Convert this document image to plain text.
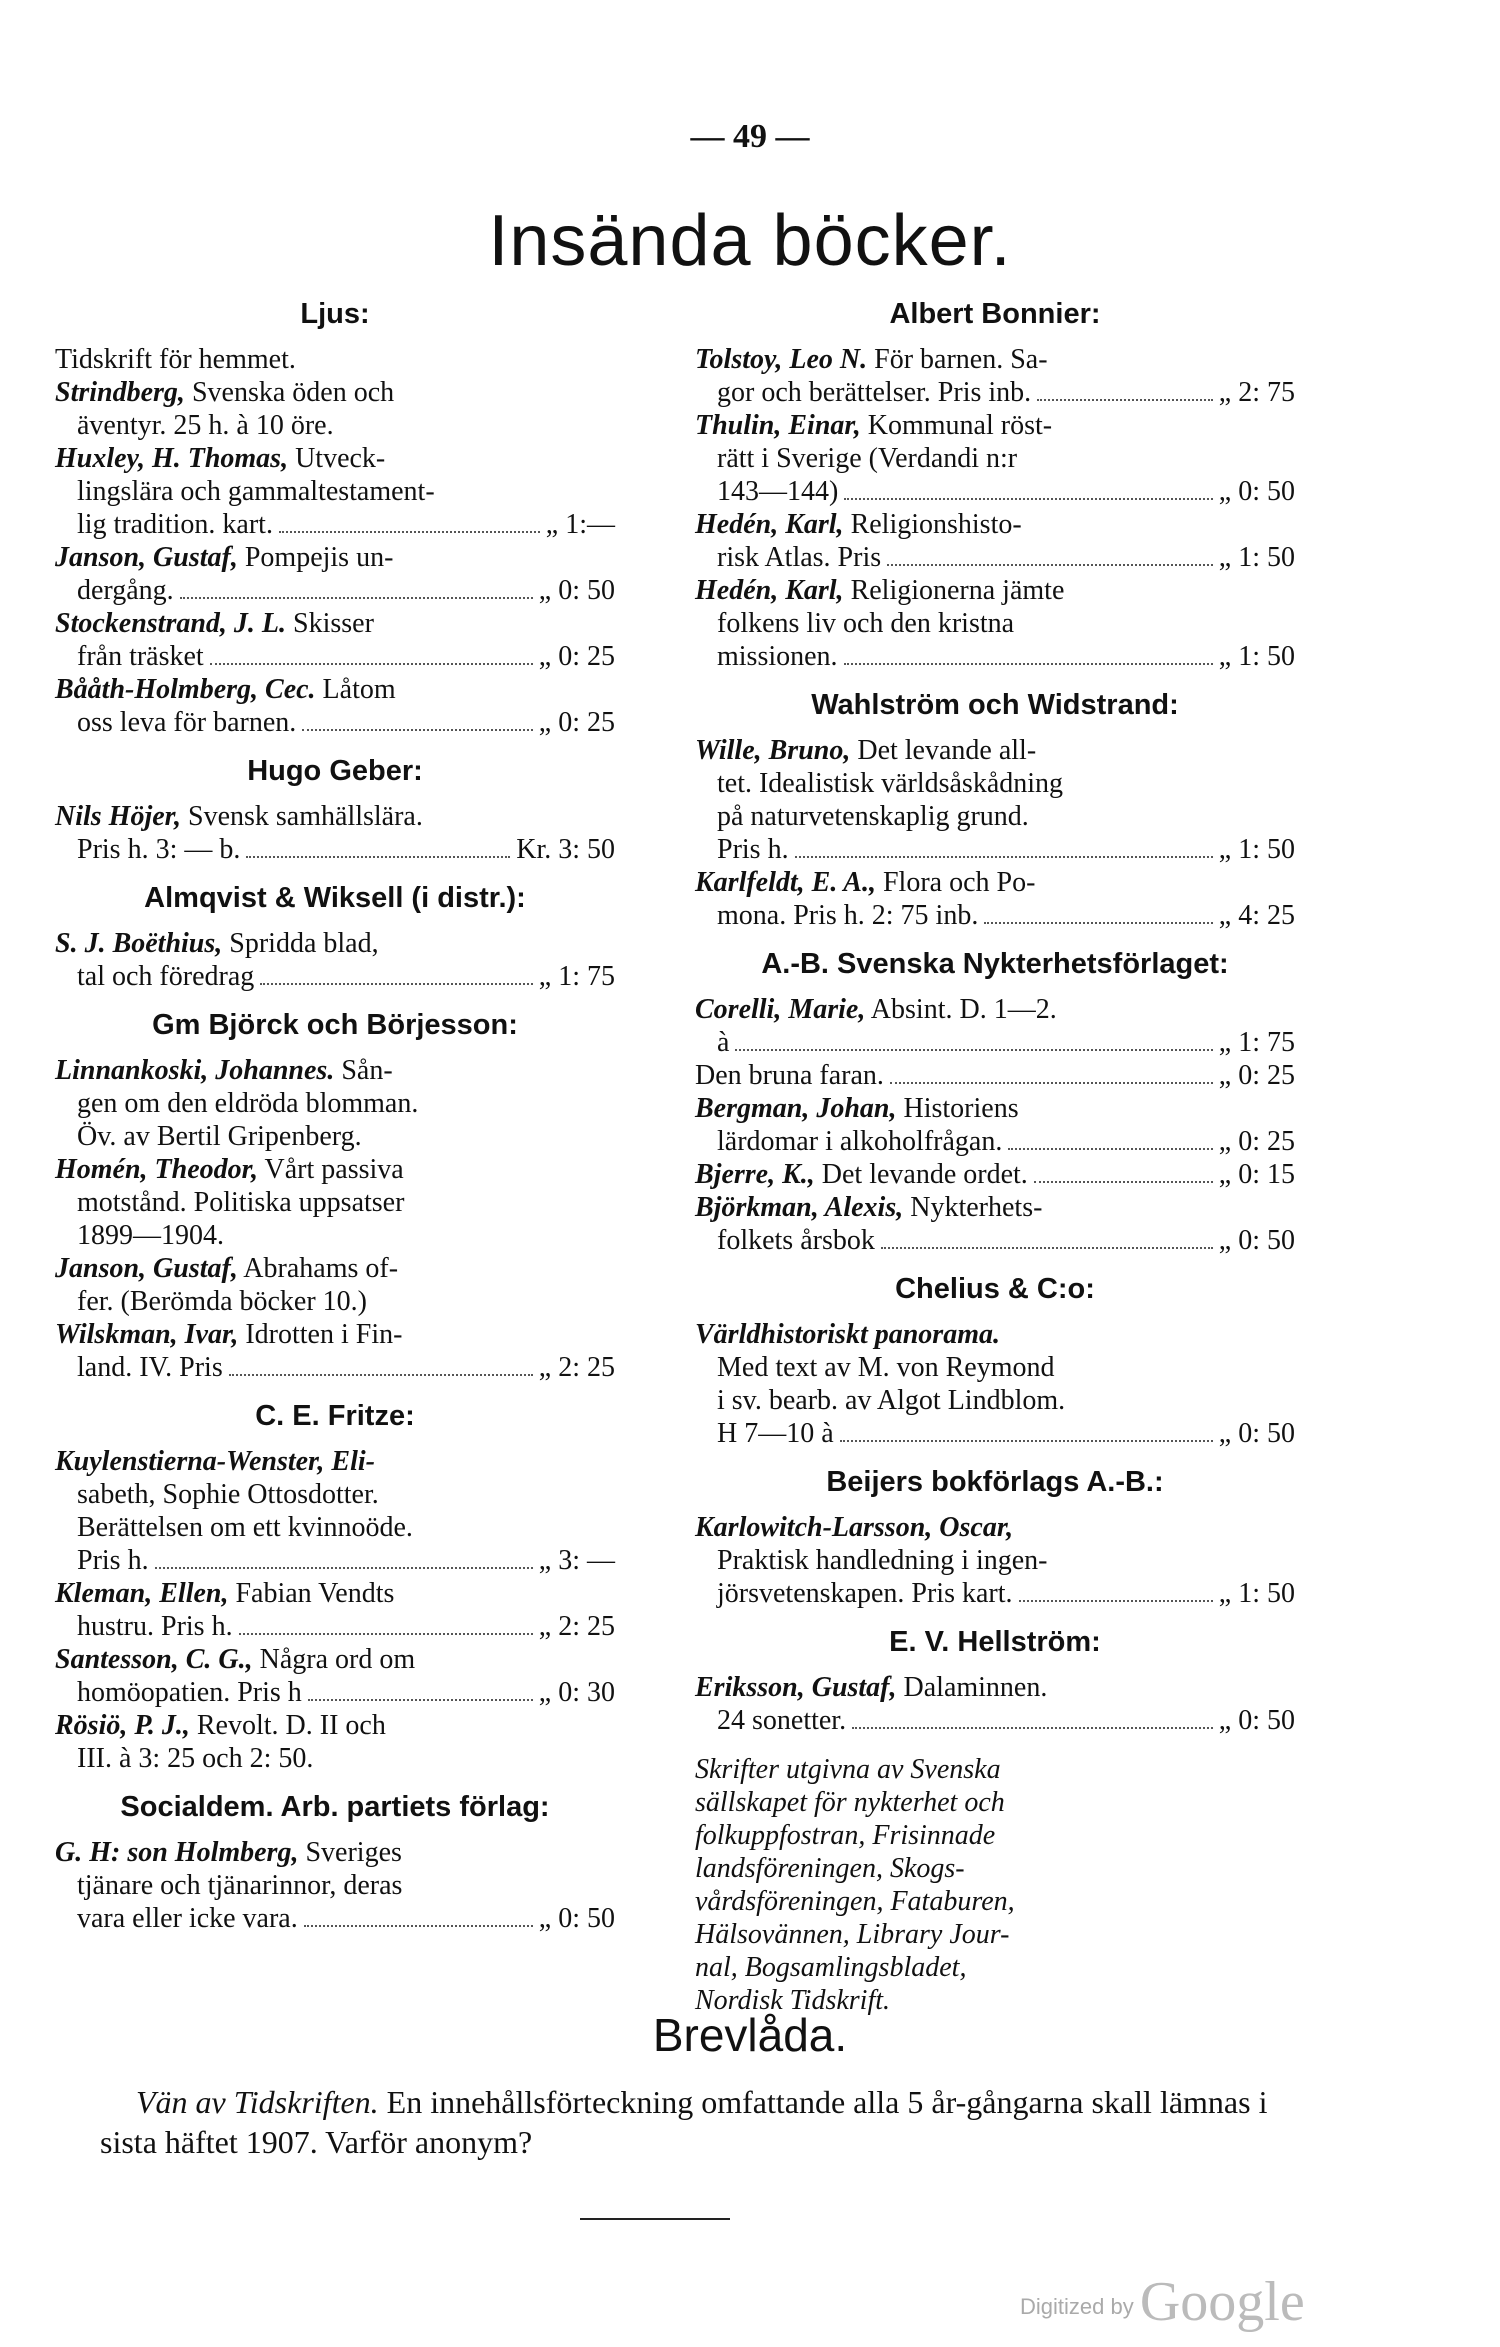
— 49 —
Insända böcker.
Ljus:
Tidskrift för hemmet.
Strindberg, Svenska öden och
äventyr. 25 h. à 10 öre.
Huxley, H. Thomas, Utveck-
lingslära och gammaltestament-
lig tradition. kart.	„ 1:—
Janson, Gustaf, Pompejis un-
dergång.	„ 0: 50
Stockenstrand, J. L. Skisser
från träsket	„ 0: 25
Bååth-Holmberg, Cec. Låtom
oss leva för barnen.	„ 0: 25
Hugo Geber:
Nils Höjer, Svensk samhällslära.
Pris h. 3: — b.	Kr. 3: 50
Almqvist & Wiksell (i distr.):
S. J. Boëthius, Spridda blad,
tal och föredrag	„ 1: 75
Gm Björck och Börjesson:
Linnankoski, Johannes. Sån-
gen om den eldröda blomman.
Öv. av Bertil Gripenberg.
Homén, Theodor, Vårt passiva
motstånd. Politiska uppsatser
1899—1904.
Janson, Gustaf, Abrahams of-
fer. (Berömda böcker 10.)
Wilskman, Ivar, Idrotten i Fin-
land. IV. Pris	„ 2: 25
C. E. Fritze:
Kuylenstierna-Wenster, Eli-
sabeth, Sophie Ottosdotter.
Berättelsen om ett kvinnoöde.
Pris h.	„ 3: —
Kleman, Ellen, Fabian Vendts
hustru. Pris h.	„ 2: 25
Santesson, C. G., Några ord om
homöopatien. Pris h	„ 0: 30
Rösiö, P. J., Revolt. D. II och
III. à 3: 25 och 2: 50.
Socialdem. Arb. partiets förlag:
G. H: son Holmberg, Sveriges
tjänare och tjänarinnor, deras
vara eller icke vara.	„ 0: 50
Albert Bonnier:
Tolstoy, Leo N. För barnen. Sa-
gor och berättelser. Pris inb.	„ 2: 75
Thulin, Einar, Kommunal röst-
rätt i Sverige (Verdandi n:r
143—144)	„ 0: 50
Hedén, Karl, Religionshisto-
risk Atlas. Pris	„ 1: 50
Hedén, Karl, Religionerna jämte
folkens liv och den kristna
missionen.	„ 1: 50
Wahlström och Widstrand:
Wille, Bruno, Det levande all-
tet. Idealistisk världsåskådning
på naturvetenskaplig grund.
Pris h.	„ 1: 50
Karlfeldt, E. A., Flora och Po-
mona. Pris h. 2: 75 inb.	„ 4: 25
A.-B. Svenska Nykterhetsförlaget:
Corelli, Marie, Absint. D. 1—2.
à	„ 1: 75
Den bruna faran.	„ 0: 25
Bergman, Johan, Historiens
lärdomar i alkoholfrågan.	„ 0: 25
Bjerre, K., Det levande ordet.	„ 0: 15
Björkman, Alexis, Nykterhets-
folkets årsbok	„ 0: 50
Chelius & C:o:
Världhistoriskt panorama.
Med text av M. von Reymond
i sv. bearb. av Algot Lindblom.
H 7—10 à	„ 0: 50
Beijers bokförlags A.-B.:
Karlowitch-Larsson, Oscar,
Praktisk handledning i ingen-
jörsvetenskapen. Pris kart.	„ 1: 50
E. V. Hellström:
Eriksson, Gustaf, Dalaminnen.
24 sonetter.	„ 0: 50
Skrifter utgivna av Svenska
sällskapet för nykterhet och
folkuppfostran, Frisinnade
landsföreningen, Skogs-
vårdsföreningen, Fataburen,
Hälsovännen, Library Jour-
nal, Bogsamlingsbladet,
Nordisk Tidskrift.
Brevlåda.
Vän av Tidskriften. En innehållsförteckning omfattande alla 5 år-gångarna skall lämnas i sista häftet 1907. Varför anonym?
Digitized by Google
